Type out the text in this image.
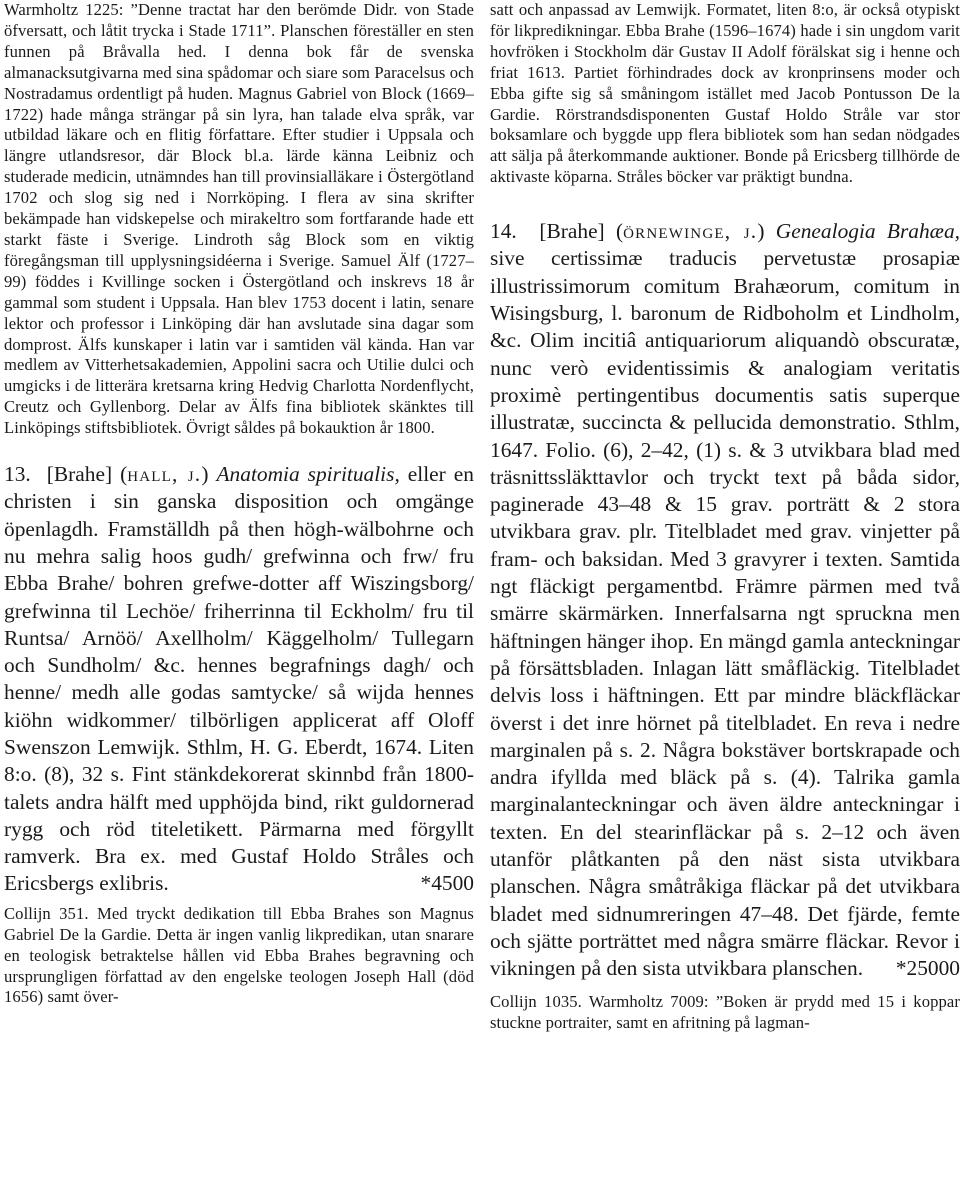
Warmholtz 1225: ”Denne tractat har den berömde Didr. von Stade öfversatt, och låtit trycka i Stade 1711”. Planschen föreställer en sten funnen på Bråvalla hed. I denna bok får de svenska almanacksutgivarna med sina spådomar och siare som Paracelsus och Nostradamus ordentligt på huden. Magnus Gabriel von Block (1669–1722) hade många strängar på sin lyra, han talade elva språk, var utbildad läkare och en flitig författare. Efter studier i Uppsala och längre utlandsresor, där Block bl.a. lärde känna Leibniz och studerade medicin, utnämndes han till provinsialläkare i Östergötland 1702 och slog sig ned i Norrköping. I flera av sina skrifter bekämpade han vidskepelse och mirakeltro som fortfarande hade ett starkt fäste i Sverige. Lindroth såg Block som en viktig föregångsman till upplysningsidéerna i Sverige. Samuel Älf (1727–99) föddes i Kvillinge socken i Östergötland och inskrevs 18 år gammal som student i Uppsala. Han blev 1753 docent i latin, senare lektor och professor i Linköping där han avslutade sina dagar som domprost. Älfs kunskaper i latin var i samtiden väl kända. Han var medlem av Vitterhetsakademien, Appolini sacra och Utilie dulci och umgicks i de litterära kretsarna kring Hedvig Charlotta Nordenflycht, Creutz och Gyllenborg. Delar av Älfs fina bibliotek skänktes till Linköpings stiftsbibliotek. Övrigt såldes på bokauktion år 1800.

13. [Brahe] (hall, j.) Anatomia spiritualis, eller en christen i sin ganska disposition och omgänge öpenlagdh. Framställdh på then högh-wälbohrne och nu mehra salig hoos gudh/ grefwinna och frw/ fru Ebba Brahe/ bohren grefwe-dotter aff Wiszingsborg/ grefwinna til Lechöe/ friherrinna til Eckholm/ fru til Runtsa/ Arnöö/ Axellholm/ Käggelholm/ Tullegarn och Sundholm/ &c. hennes begrafnings dagh/ och henne/ medh alle godas samtycke/ så wijda hennes kiöhn widkommer/ tilbörligen applicerat aff Oloff Swenszon Lemwijk. Sthlm, H. G. Eberdt, 1674. Liten 8:o. (8), 32 s. Fint stänkdekorerat skinnbd från 1800-talets andra hälft med upphöjda bind, rikt guldornerad rygg och röd titeletikett. Pärmarna med förgyllt ramverk. Bra ex. med Gustaf Holdo Stråles och Ericsbergs exlibris.	*4500

Collijn 351. Med tryckt dedikation till Ebba Brahes son Magnus Gabriel De la Gardie. Detta är ingen vanlig likpredikan, utan snarare en teologisk betraktelse hållen vid Ebba Brahes begravning och ursprungligen författad av den engelske teologen Joseph Hall (död 1656) samt över-

satt och anpassad av Lemwijk. Formatet, liten 8:o, är också otypiskt för likpredikningar. Ebba Brahe (1596–1674) hade i sin ungdom varit hovfröken i Stockholm där Gustav II Adolf förälskat sig i henne och friat 1613. Partiet förhindrades dock av kronprinsens moder och Ebba gifte sig så småningom istället med Jacob Pontusson De la Gardie. Rörstrandsdisponenten Gustaf Holdo Stråle var stor boksamlare och byggde upp flera bibliotek som han sedan nödgades att sälja på återkommande auktioner. Bonde på Ericsberg tillhörde de aktivaste köparna. Stråles böcker var präktigt bundna.

14. [Brahe] (örnewinge, j.) Genealogia Brahæa, sive certissimæ traducis pervetustæ prosapiæ illustrissimorum comitum Brahæorum, comitum in Wisingsburg, l. baronum de Ridboholm et Lindholm, &c. Olim incitiâ antiquariorum aliquandò obscuratæ, nunc verò evidentissimis & analogiam veritatis proximè pertingentibus documentis satis superque illustratæ, succincta & pellucida demonstratio. Sthlm, 1647. Folio. (6), 2–42, (1) s. & 3 utvikbara blad med träsnittssläkttavlor och tryckt text på båda sidor, paginerade 43–48 & 15 grav. porträtt & 2 stora utvikbara grav. plr. Titelbladet med grav. vinjetter på fram- och baksidan. Med 3 gravyrer i texten. Samtida ngt fläckigt pergamentbd. Främre pärmen med två smärre skärmärken. Innerfalsarna ngt spruckna men häftningen hänger ihop. En mängd gamla anteckningar på försättsbladen. Inlagan lätt småfläckig. Titelbladet delvis loss i häftningen. Ett par mindre bläckfläckar överst i det inre hörnet på titelbladet. En reva i nedre marginalen på s. 2. Några bokstäver bortskrapade och andra ifyllda med bläck på s. (4). Talrika gamla marginalanteckningar och även äldre anteckningar i texten. En del stearinfläckar på s. 2–12 och även utanför plåtkanten på den näst sista utvikbara planschen. Några småtråkiga fläckar på det utvikbara bladet med sidnumreringen 47–48. Det fjärde, femte och sjätte porträttet med några smärre fläckar. Revor i vikningen på den sista utvikbara planschen. *25000

Collijn 1035. Warmholtz 7009: ”Boken är prydd med 15 i koppar stuckne portraiter, samt en afritning på lagman-
